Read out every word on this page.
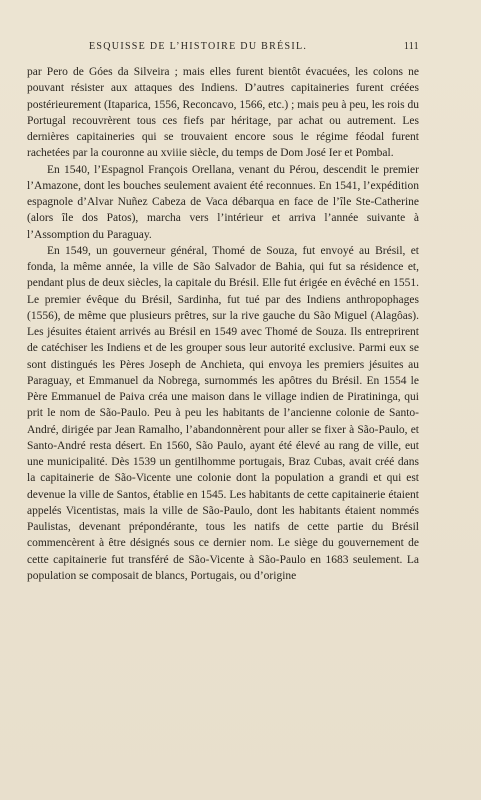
ESQUISSE DE L’HISTOIRE DU BRÉSIL.	111

par Pero de Góes da Silveira ; mais elles furent bientôt évacuées, les colons ne pouvant résister aux attaques des Indiens. D’autres capitaineries furent créées postérieurement (Itaparica, 1556, Reconcavo, 1566, etc.) ; mais peu à peu, les rois du Portugal recouvrèrent tous ces fiefs par héritage, par achat ou autrement. Les dernières capitaineries qui se trouvaient encore sous le régime féodal furent rachetées par la couronne au xviiie siècle, du temps de Dom José Ier et Pombal.

En 1540, l’Espagnol François Orellana, venant du Pérou, descendit le premier l’Amazone, dont les bouches seulement avaient été reconnues. En 1541, l’expédition espagnole d’Alvar Nuñez Cabeza de Vaca débarqua en face de l’île Ste-Catherine (alors île dos Patos), marcha vers l’intérieur et arriva l’année suivante à l’Assomption du Paraguay.

En 1549, un gouverneur général, Thomé de Souza, fut envoyé au Brésil, et fonda, la même année, la ville de São Salvador de Bahia, qui fut sa résidence et, pendant plus de deux siècles, la capitale du Brésil. Elle fut érigée en évêché en 1551. Le premier évêque du Brésil, Sardinha, fut tué par des Indiens anthropophages (1556), de même que plusieurs prêtres, sur la rive gauche du São Miguel (Alagôas). Les jésuites étaient arrivés au Brésil en 1549 avec Thomé de Souza. Ils entreprirent de catéchiser les Indiens et de les grouper sous leur autorité exclusive. Parmi eux se sont distingués les Pères Joseph de Anchieta, qui envoya les premiers jésuites au Paraguay, et Emmanuel da Nobrega, surnommés les apôtres du Brésil. En 1554 le Père Emmanuel de Paiva créa une maison dans le village indien de Piratininga, qui prit le nom de São-Paulo. Peu à peu les habitants de l’ancienne colonie de Santo-André, dirigée par Jean Ramalho, l’abandonnèrent pour aller se fixer à São-Paulo, et Santo-André resta désert. En 1560, São Paulo, ayant été élevé au rang de ville, eut une municipalité. Dès 1539 un gentilhomme portugais, Braz Cubas, avait créé dans la capitainerie de São-Vicente une colonie dont la population a grandi et qui est devenue la ville de Santos, établie en 1545. Les habitants de cette capitainerie étaient appelés Vicentistas, mais la ville de São-Paulo, dont les habitants étaient nommés Paulistas, devenant prépondérante, tous les natifs de cette partie du Brésil commencèrent à être désignés sous ce dernier nom. Le siège du gouvernement de cette capitainerie fut transféré de São-Vicente à São-Paulo en 1683 seulement. La population se composait de blancs, Portugais, ou d’origine
